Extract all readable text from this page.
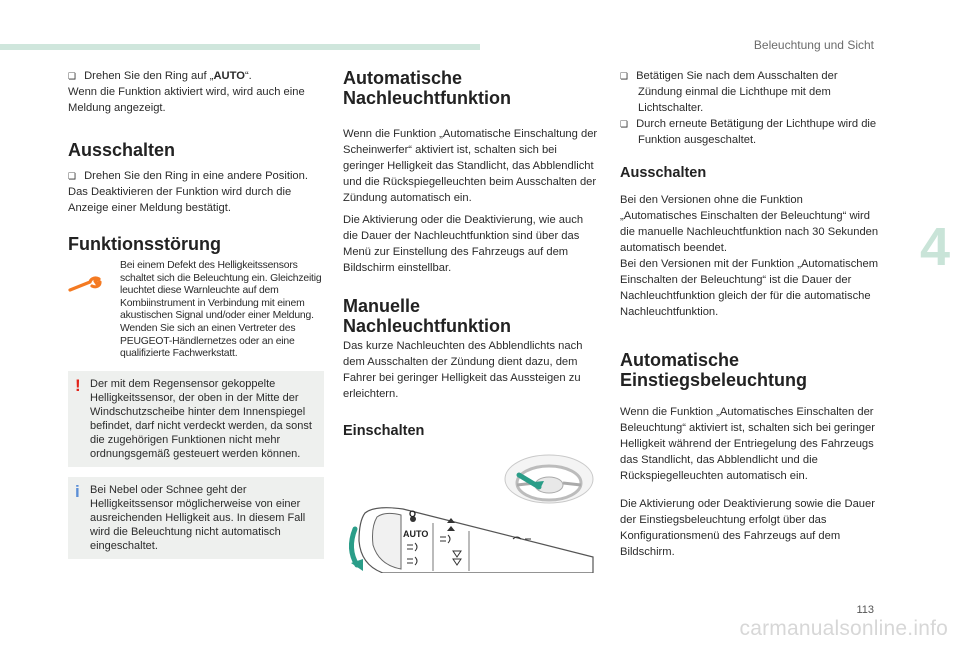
Beleuchtung und Sicht
4

❏ Drehen Sie den Ring auf „AUTO“.

Wenn die Funktion aktiviert wird, wird auch eine Meldung angezeigt.

Ausschalten

❏ Drehen Sie den Ring in eine andere Position.

Das Deaktivieren der Funktion wird durch die Anzeige einer Meldung bestätigt.

Funktionsstörung
Bei einem Defekt des Helligkeitssensors schaltet sich die Beleuchtung ein. Gleichzeitig leuchtet diese Warnleuchte auf dem Kombiinstrument in Verbindung mit einem akustischen Signal und/oder einer Meldung.
Wenden Sie sich an einen Vertreter des PEUGEOT-Händlernetzes oder an eine qualifizierte Fachwerkstatt.
! Der mit dem Regensensor gekoppelte Helligkeitssensor, der oben in der Mitte der Windschutzscheibe hinter dem Innenspiegel befindet, darf nicht verdeckt werden, da sonst die zugehörigen Funktionen nicht mehr ordnungsgemäß gesteuert werden können.

i Bei Nebel oder Schnee geht der Helligkeitssensor möglicherweise von einer ausreichenden Helligkeit aus. In diesem Fall wird die Beleuchtung nicht automatisch eingeschaltet.

Automatische
Nachleuchtfunktion

Wenn die Funktion „Automatische Einschaltung der Scheinwerfer“ aktiviert ist, schalten sich bei geringer Helligkeit das Standlicht, das Abblendlicht und die Rückspiegelleuchten beim Ausschalten der Zündung automatisch ein.

Die Aktivierung oder die Deaktivierung, wie auch die Dauer der Nachleuchtfunktion sind über das Menü zur Einstellung des Fahrzeugs auf dem Bildschirm einstellbar.

Manuelle
Nachleuchtfunktion

Das kurze Nachleuchten des Abblendlichts nach dem Ausschalten der Zündung dient dazu, dem Fahrer bei geringer Helligkeit das Aussteigen zu erleichtern.

Einschalten
AUTO
O

❏ Betätigen Sie nach dem Ausschalten der Zündung einmal die Lichthupe mit dem Lichtschalter.

❏ Durch erneute Betätigung der Lichthupe wird die Funktion ausgeschaltet.

Ausschalten

Bei den Versionen ohne die Funktion „Automatisches Einschalten der Beleuchtung“ wird die manuelle Nachleuchtfunktion nach 30 Sekunden automatisch beendet.

Bei den Versionen mit der Funktion „Automatischem Einschalten der Beleuchtung“ ist die Dauer der Nachleuchtfunktion gleich der für die automatische Nachleuchtfunktion.

Automatische
Einstiegsbeleuchtung

Wenn die Funktion „Automatisches Einschalten der Beleuchtung“ aktiviert ist, schalten sich bei geringer Helligkeit während der Entriegelung des Fahrzeugs das Standlicht, das Abblendlicht und die Rückspiegelleuchten automatisch ein.

Die Aktivierung oder Deaktivierung sowie die Dauer der Einstiegsbeleuchtung erfolgt über das Konfigurationsmenü des Fahrzeugs auf dem Bildschirm.

113
carmanualsonline.info
